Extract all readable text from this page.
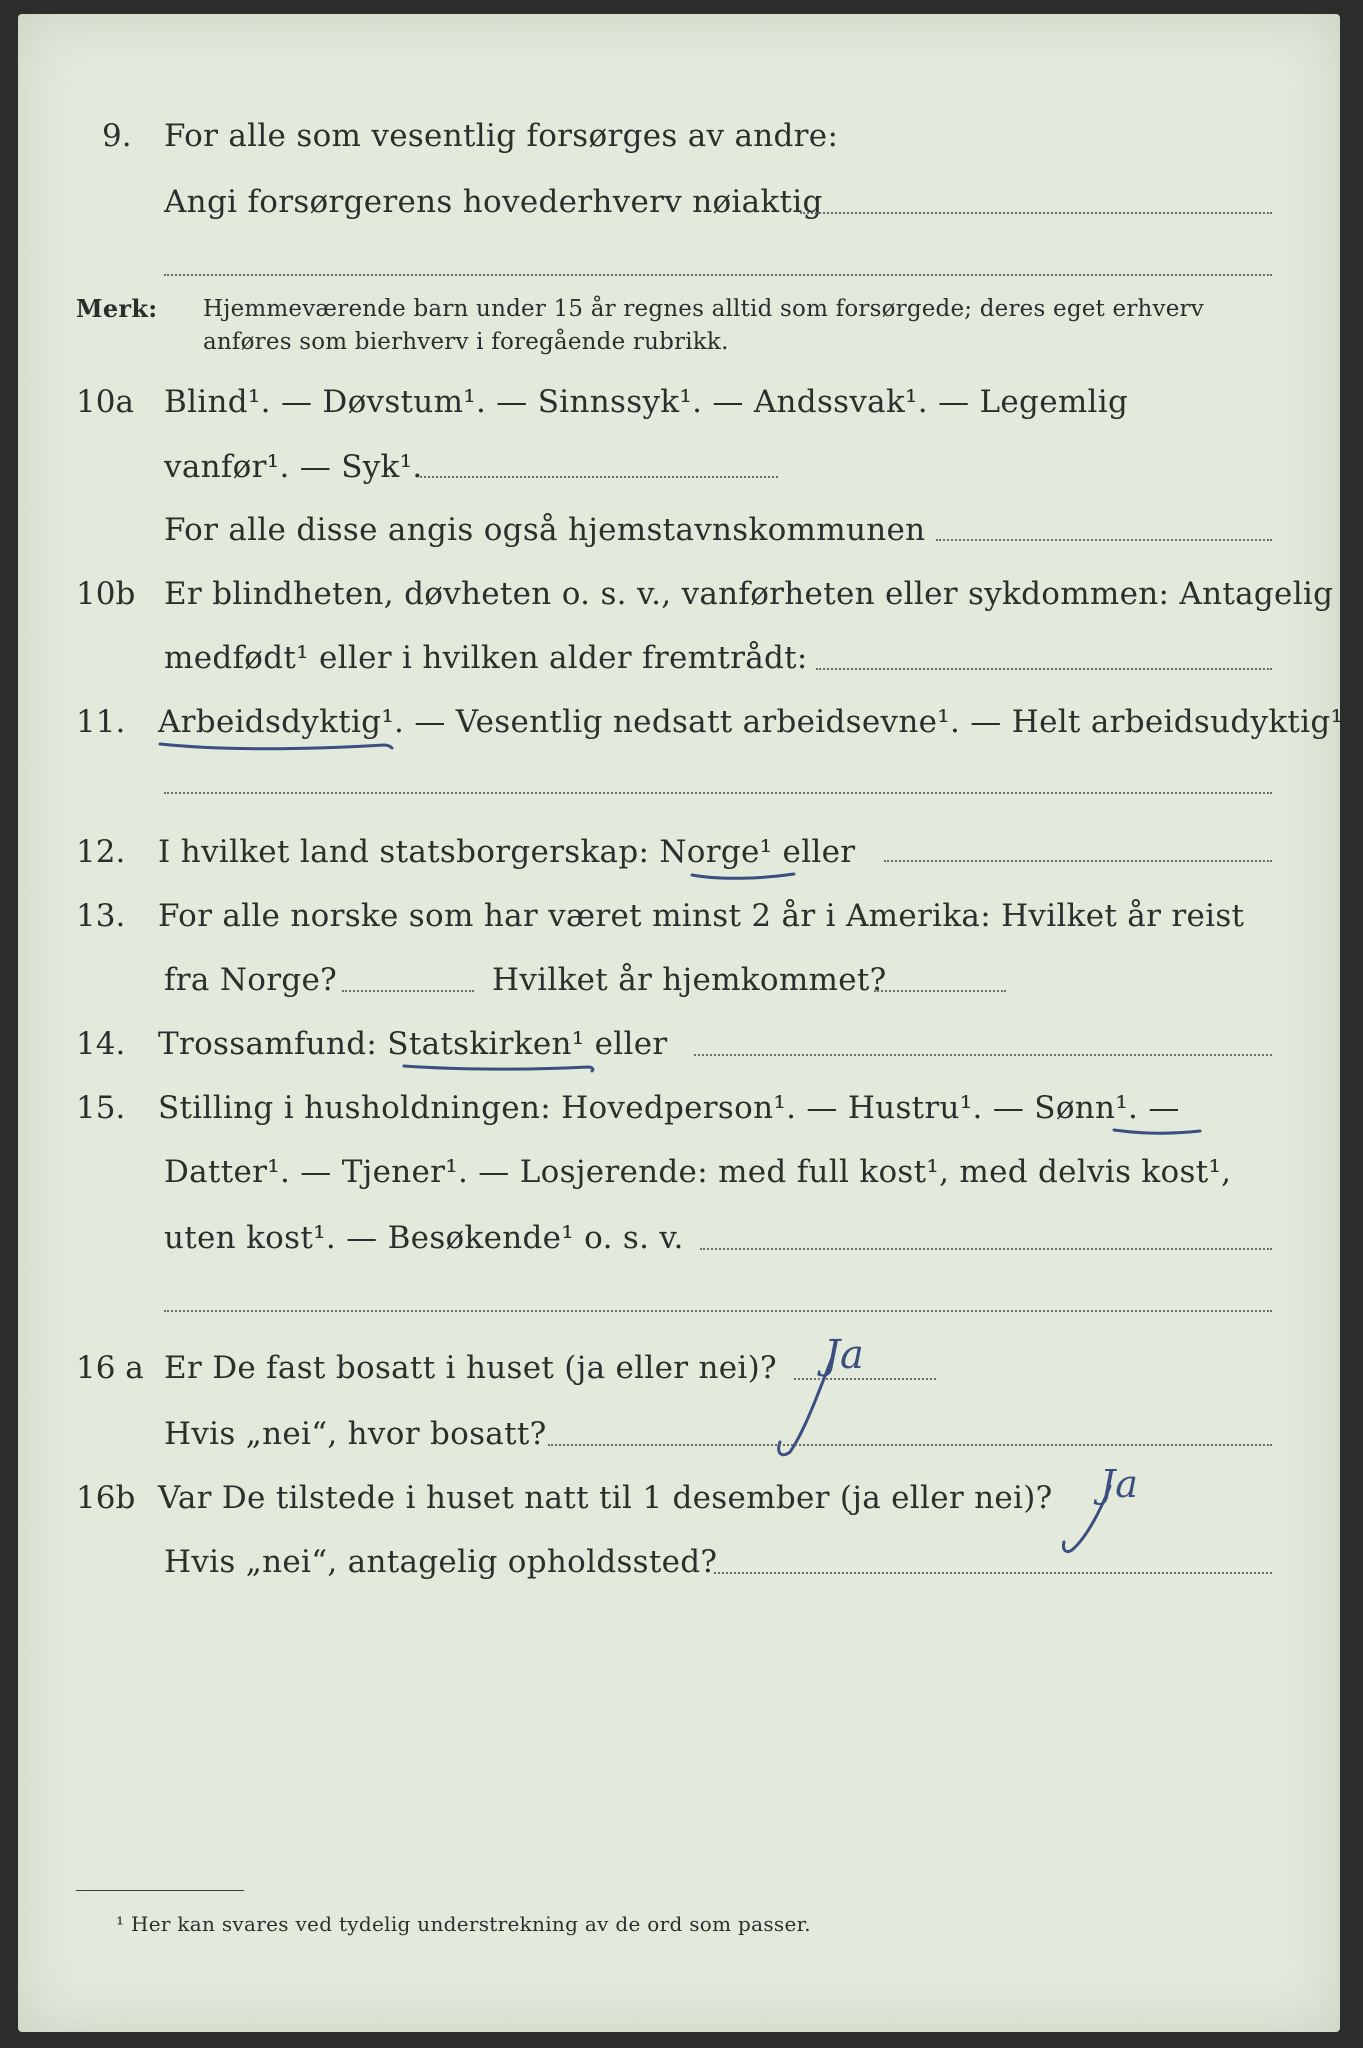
9. For alle som vesentlig forsørges av andre:
Angi forsørgerens hovederhverv nøiaktig
Merk: Hjemmeværende barn under 15 år regnes alltid som forsørgede; deres eget erhverv
anføres som bierhverv i foregående rubrikk.
10a Blind¹. — Døvstum¹. — Sinnssyk¹. — Andssvak¹. — Legemlig
vanfør¹. — Syk¹.
For alle disse angis også hjemstavnskommunen
10b Er blindheten, døvheten o. s. v., vanførheten eller sykdommen: Antagelig
medfødt¹ eller i hvilken alder fremtrådt:
11. Arbeidsdyktig¹. — Vesentlig nedsatt arbeidsevne¹. — Helt arbeidsudyktig¹.
12. I hvilket land statsborgerskap: Norge¹ eller
13. For alle norske som har været minst 2 år i Amerika: Hvilket år reist
fra Norge?	Hvilket år hjemkommet?
14. Trossamfund: Statskirken¹ eller
15. Stilling i husholdningen: Hovedperson¹. — Hustru¹. — Sønn¹. —
Datter¹. — Tjener¹. — Losjerende: med full kost¹, med delvis kost¹,
uten kost¹. — Besøkende¹ o. s. v.
16 a Er De fast bosatt i huset (ja eller nei)? Ja
Hvis „nei“, hvor bosatt?
16b Var De tilstede i huset natt til 1 desember (ja eller nei)? Ja
Hvis „nei“, antagelig opholdssted?
¹ Her kan svares ved tydelig understrekning av de ord som passer.
